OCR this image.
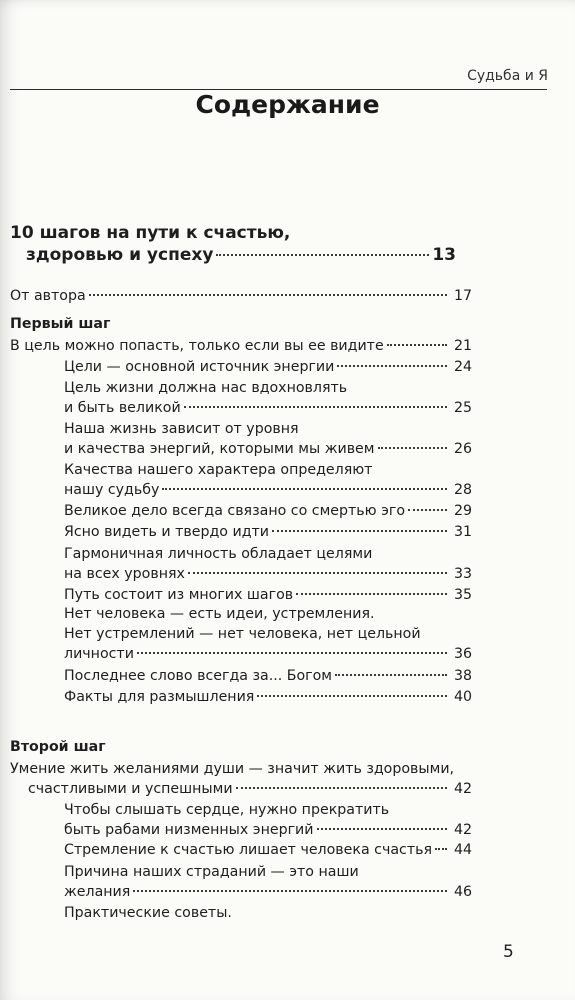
Судьба и Я
Содержание
10 шагов на пути к счастью,
здоровью и успеху	13
От автора	17
Первый шаг
В цель можно попасть, только если вы ее видите	21
Цели — основной источник энергии	24
Цель жизни должна нас вдохновлять
и быть великой	25
Наша жизнь зависит от уровня
и качества энергий, которыми мы живем	26
Качества нашего характера определяют
нашу судьбу	28
Великое дело всегда связано со смертью эго	29
Ясно видеть и твердо идти	31
Гармоничная личность обладает целями
на всех уровнях	33
Путь состоит из многих шагов	35
Нет человека — есть идеи, устремления.
Нет устремлений — нет человека, нет цельной
личности	36
Последнее слово всегда за... Богом	38
Факты для размышления	40
Второй шаг
Умение жить желаниями души — значит жить здоровыми,
счастливыми и успешными	42
Чтобы слышать сердце, нужно прекратить
быть рабами низменных энергий	42
Стремление к счастью лишает человека счастья 44
Причина наших страданий — это наши
желания	46
Практические советы.
5
